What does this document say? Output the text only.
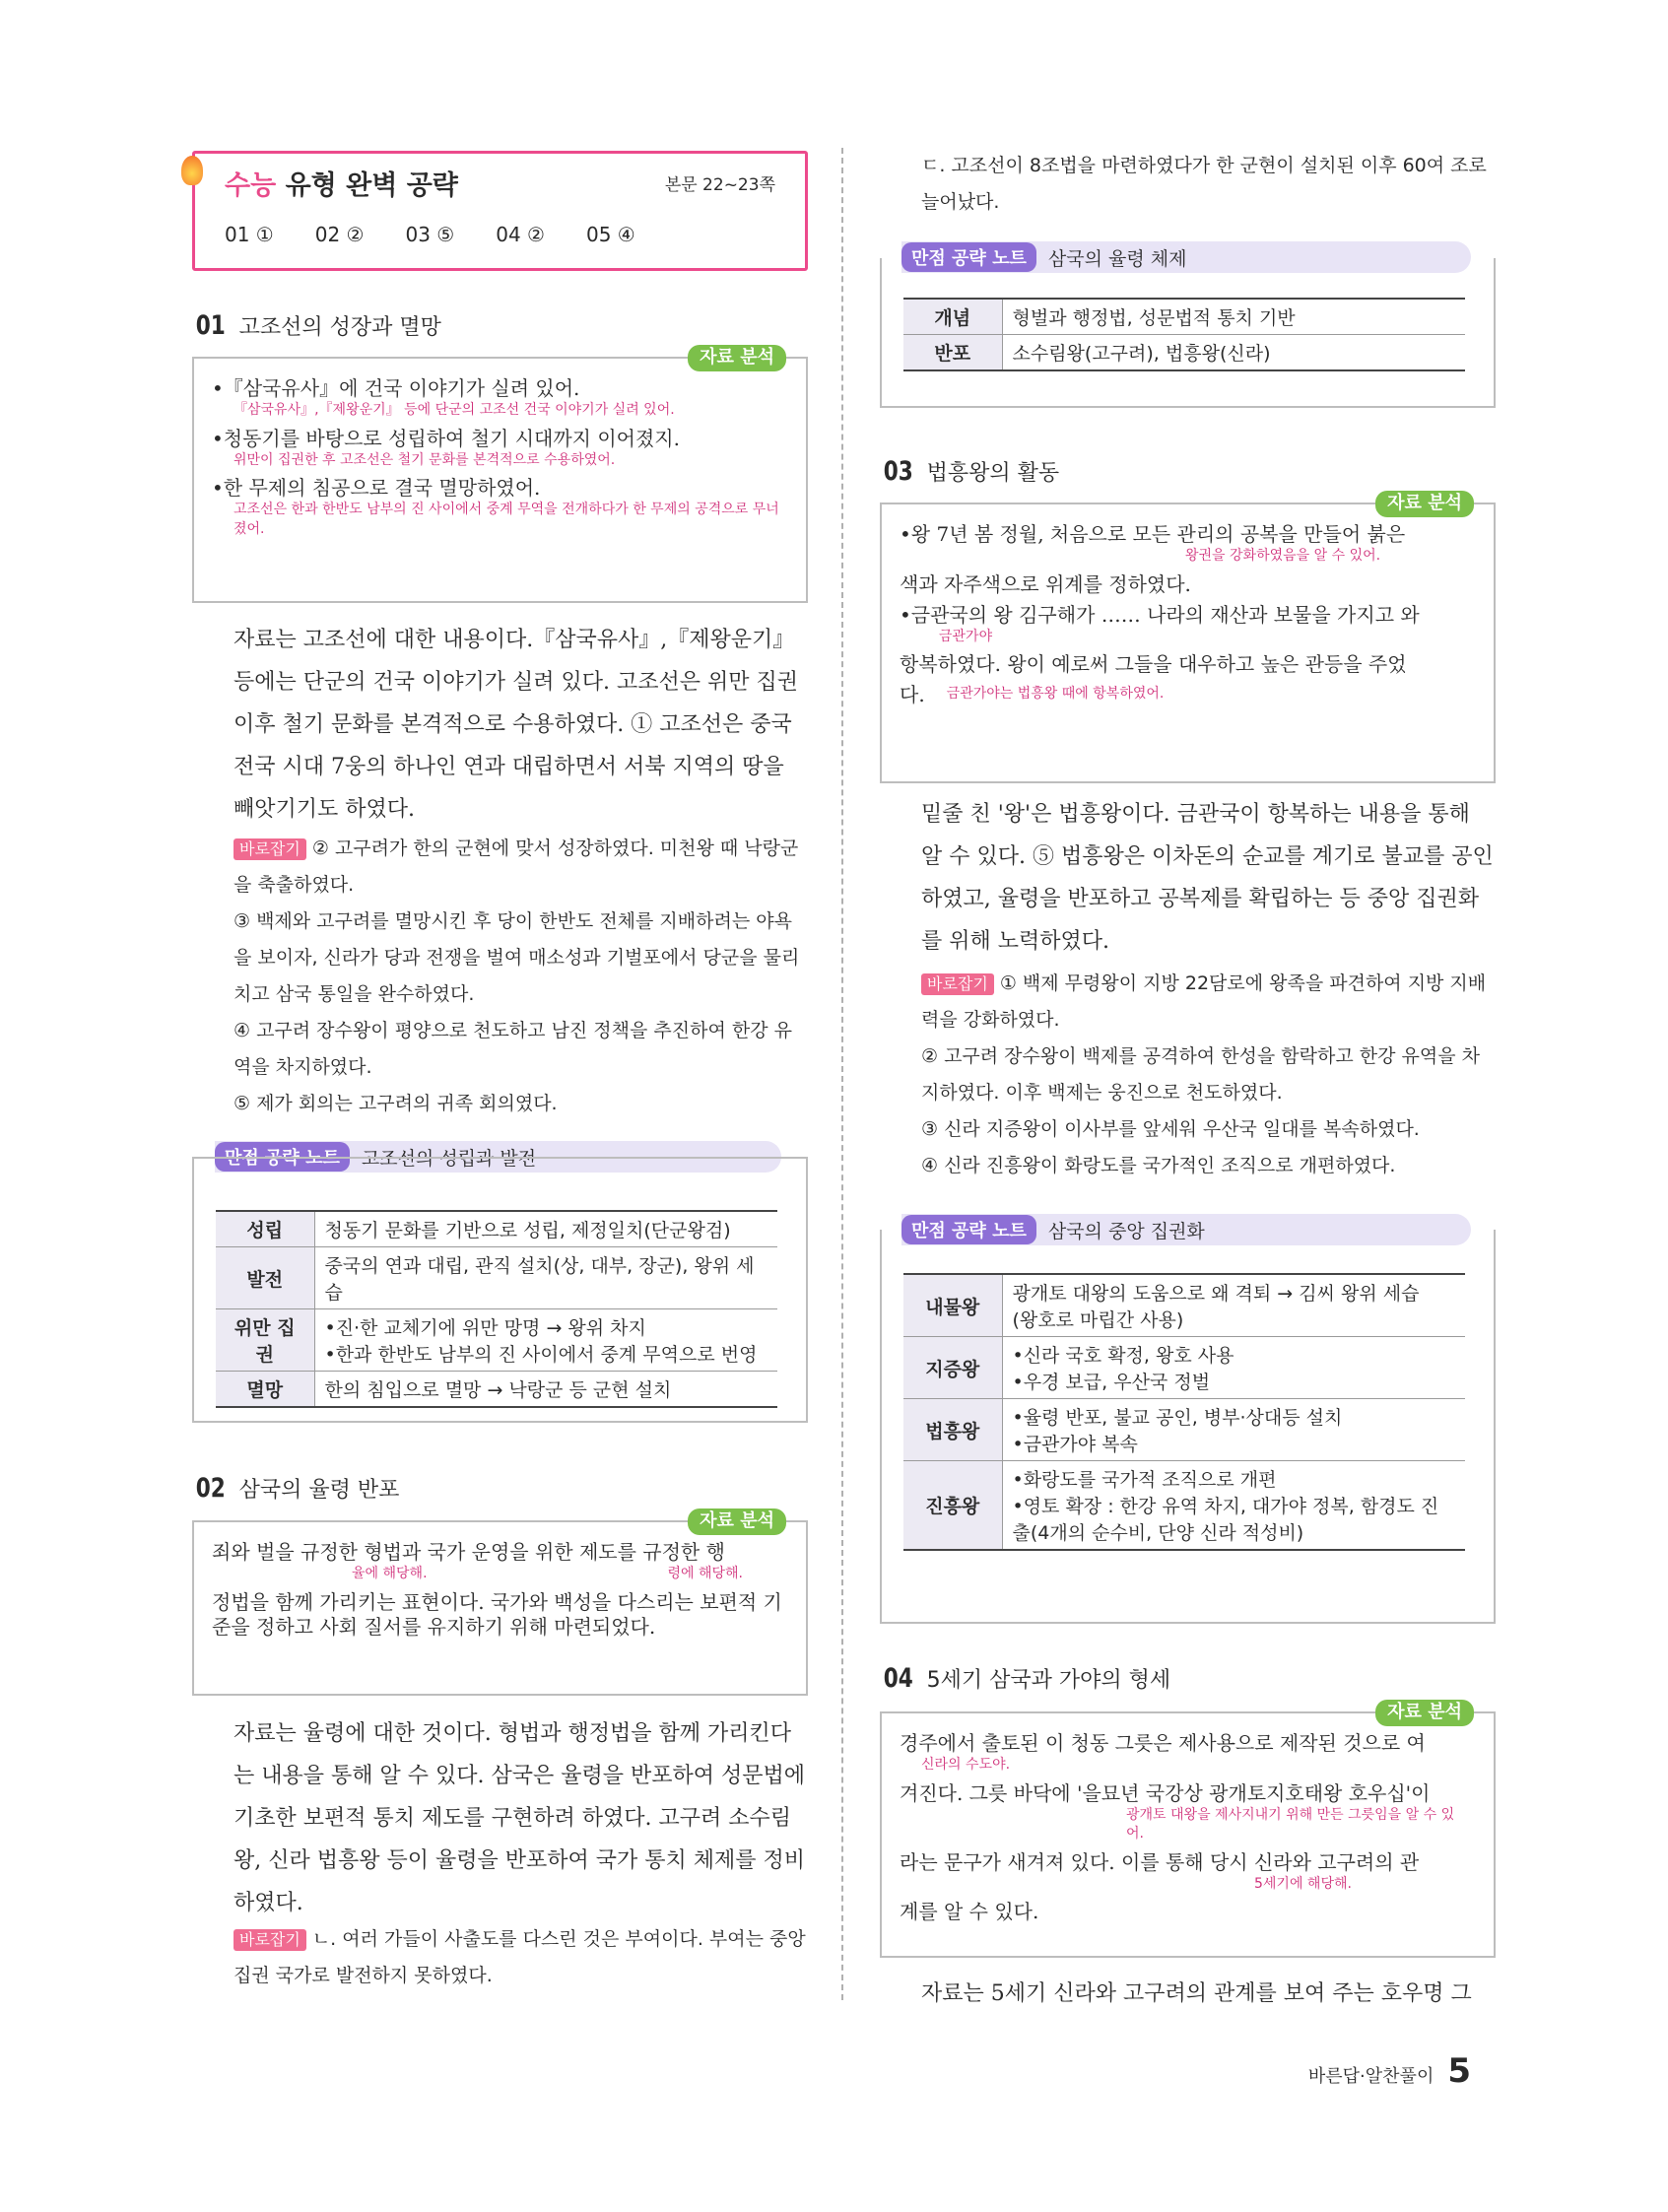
수능 유형 완벽 공략	본문 22~23쪽
01 ① 02 ② 03 ⑤ 04 ② 05 ④
01 고조선의 성장과 멸망
자료 분석
•『삼국유사』에 건국 이야기가 실려 있어.
『삼국유사』,『제왕운기』 등에 단군의 고조선 건국 이야기가 실려 있어.
•청동기를 바탕으로 성립하여 철기 시대까지 이어졌지.
위만이 집권한 후 고조선은 철기 문화를 본격적으로 수용하였어.
•한 무제의 침공으로 결국 멸망하였어.
고조선은 한과 한반도 남부의 진 사이에서 중계 무역을 전개하다가 한 무제의 공격으로 무너졌어.
자료는 고조선에 대한 내용이다.『삼국유사』,『제왕운기』등에는 단군의 건국 이야기가 실려 있다. 고조선은 위만 집권 이후 철기 문화를 본격적으로 수용하였다. ① 고조선은 중국 전국 시대 7웅의 하나인 연과 대립하면서 서북 지역의 땅을 빼앗기기도 하였다.
바로잡기 ② 고구려가 한의 군현에 맞서 성장하였다. 미천왕 때 낙랑군을 축출하였다.
③ 백제와 고구려를 멸망시킨 후 당이 한반도 전체를 지배하려는 야욕을 보이자, 신라가 당과 전쟁을 벌여 매소성과 기벌포에서 당군을 물리치고 삼국 통일을 완수하였다.
④ 고구려 장수왕이 평양으로 천도하고 남진 정책을 추진하여 한강 유역을 차지하였다.
⑤ 제가 회의는 고구려의 귀족 회의였다.
만점 공략 노트	고조선의 성립과 발전
성립	청동기 문화를 기반으로 성립, 제정일치(단군왕검)
발전	중국의 연과 대립, 관직 설치(상, 대부, 장군), 왕위 세습
위만 집권	•진·한 교체기에 위만 망명 → 왕위 차지
•한과 한반도 남부의 진 사이에서 중계 무역으로 번영

멸망	한의 침입으로 멸망 → 낙랑군 등 군현 설치
02 삼국의 율령 반포
자료 분석
죄와 벌을 규정한 형법과 국가 운영을 위한 제도를 규정한 행
율에 해당해.	령에 해당해.
정법을 함께 가리키는 표현이다. 국가와 백성을 다스리는 보편적 기준을 정하고 사회 질서를 유지하기 위해 마련되었다.
자료는 율령에 대한 것이다. 형법과 행정법을 함께 가리킨다는 내용을 통해 알 수 있다. 삼국은 율령을 반포하여 성문법에 기초한 보편적 통치 제도를 구현하려 하였다. 고구려 소수림왕, 신라 법흥왕 등이 율령을 반포하여 국가 통치 체제를 정비하였다.
바로잡기 ㄴ. 여러 가들이 사출도를 다스린 것은 부여이다. 부여는 중앙 집권 국가로 발전하지 못하였다.
ㄷ. 고조선이 8조법을 마련하였다가 한 군현이 설치된 이후 60여 조로 늘어났다.
만점 공략 노트	삼국의 율령 체제
개념	형벌과 행정법, 성문법적 통치 기반
반포	소수림왕(고구려), 법흥왕(신라)
03 법흥왕의 활동
자료 분석
•왕 7년 봄 정월, 처음으로 모든 관리의 공복을 만들어 붉은
왕권을 강화하였음을 알 수 있어.
색과 자주색으로 위계를 정하였다.
•금관국의 왕 김구해가 …… 나라의 재산과 보물을 가지고 와
금관가야
항복하였다. 왕이 예로써 그들을 대우하고 높은 관등을 주었
다.	금관가야는 법흥왕 때에 항복하였어.
밑줄 친 '왕'은 법흥왕이다. 금관국이 항복하는 내용을 통해 알 수 있다. ⑤ 법흥왕은 이차돈의 순교를 계기로 불교를 공인하였고, 율령을 반포하고 공복제를 확립하는 등 중앙 집권화를 위해 노력하였다.
바로잡기 ① 백제 무령왕이 지방 22담로에 왕족을 파견하여 지방 지배력을 강화하였다.
② 고구려 장수왕이 백제를 공격하여 한성을 함락하고 한강 유역을 차지하였다. 이후 백제는 웅진으로 천도하였다.
③ 신라 지증왕이 이사부를 앞세워 우산국 일대를 복속하였다.
④ 신라 진흥왕이 화랑도를 국가적인 조직으로 개편하였다.
만점 공략 노트	삼국의 중앙 집권화
내물왕	광개토 대왕의 도움으로 왜 격퇴 → 김씨 왕위 세습
(왕호로 마립간 사용)

지증왕	•신라 국호 확정, 왕호 사용
•우경 보급, 우산국 정벌

법흥왕	•율령 반포, 불교 공인, 병부·상대등 설치
•금관가야 복속

진흥왕	•화랑도를 국가적 조직으로 개편
•영토 확장 : 한강 유역 차지, 대가야 정복, 함경도 진
출(4개의 순수비, 단양 신라 적성비)
04 5세기 삼국과 가야의 형세
자료 분석
경주에서 출토된 이 청동 그릇은 제사용으로 제작된 것으로 여
신라의 수도야.
겨진다. 그릇 바닥에 '을묘년 국강상 광개토지호태왕 호우십'이
광개토 대왕을 제사지내기 위해 만든 그릇임을 알 수 있어.
라는 문구가 새겨져 있다. 이를 통해 당시 신라와 고구려의 관
5세기에 해당해.
계를 알 수 있다.
자료는 5세기 신라와 고구려의 관계를 보여 주는 호우명 그
바른답·알찬풀이 5
